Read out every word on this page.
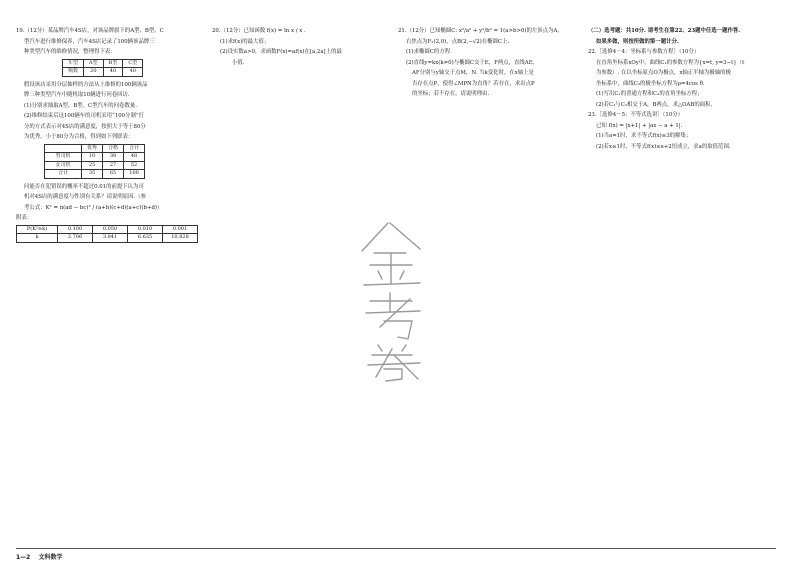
19.（12分）某品牌汽车4S店，对该品牌旗下的A型、B型、C

型汽车进行维修保养，汽车4S店记录了100辆该品牌三

种类型汽车的维修情况，整理得下表：

车型	A型	B型	C型
频数	20	40	40

假设该店采用分层抽样的方法从上维修的100辆该品

牌三种类型汽车中随机取10辆进行问卷回访.

(1)分别求抽取A型、B型、C型汽车的问卷数量.

(2)维修结束后这100辆车的司机采用“100分制”打

分的方式表示对4S店的满意度，按照大于等于80分

为优秀，小于80分为合格，得到如下列联表：

	优秀	合格	合计
男司机	10	38	48
女司机	25	27	52
合计	35	65	100

问能否在犯错误的概率不超过0.01的前提下认为司

机对4S店的满意度与性别有关系？请说明原因.（参

考公式：K² = n(ad − bc)² / (a+b)(c+d)(a+c)(b+d)）

附表：

P(K²≥k)	0.100	0.050	0.010	0.001
k	2.706	3.841	6.635	10.828

20.（12分）已知函数 f(x) = ln x / x .

(1)求f(x)的最大值；

(2)设实数a>0，求函数F(x)=af(x)在[a,2a]上的最

小值.

21.（12分）已知椭圆C: x²/a² + y²/b² = 1(a>b>0)的左顶点为A，

右焦点为F₂(2,0)，点B(2,−√2)在椭圆C上.

(1)求椭圆C的方程.

(2)直线y=kx(k≠0)与椭圆C交于E，F两点，直线AE，

AF分别与y轴交于点M，N. 当k变化时，在x轴上是

否存在点P，使得∠MPN为直角？若存在，求出点P

的坐标；若不存在，请说明理由.

（二）选考题：共10分. 请考生在第22、23题中任选一题作答.

如果多做，则按所做的第一题计分.

22.［选修4－4：坐标系与参数方程］（10分）

在直角坐标系xOy中，曲线C₁的参数方程为{x=t, y=3−t}（t

为参数）. 在以坐标原点O为极点，x轴正半轴为极轴的极

坐标系中，曲线C₂的极坐标方程为ρ=4cos θ.

(1)写出C₁的普通方程和C₂的直角坐标方程；

(2)若C₁与C₂相交于A，B两点，求△OAB的面积.

23.［选修4－5：不等式选讲］（10分）

已知 f(x) = |x+1| + |ax − a + 1|.

(1)当a=1时，求不等式f(x)≥3的解集；

(2)若x≥1时，不等式f(x)≥x+2恒成立，求a的取值范围.

1—2 文科数学
